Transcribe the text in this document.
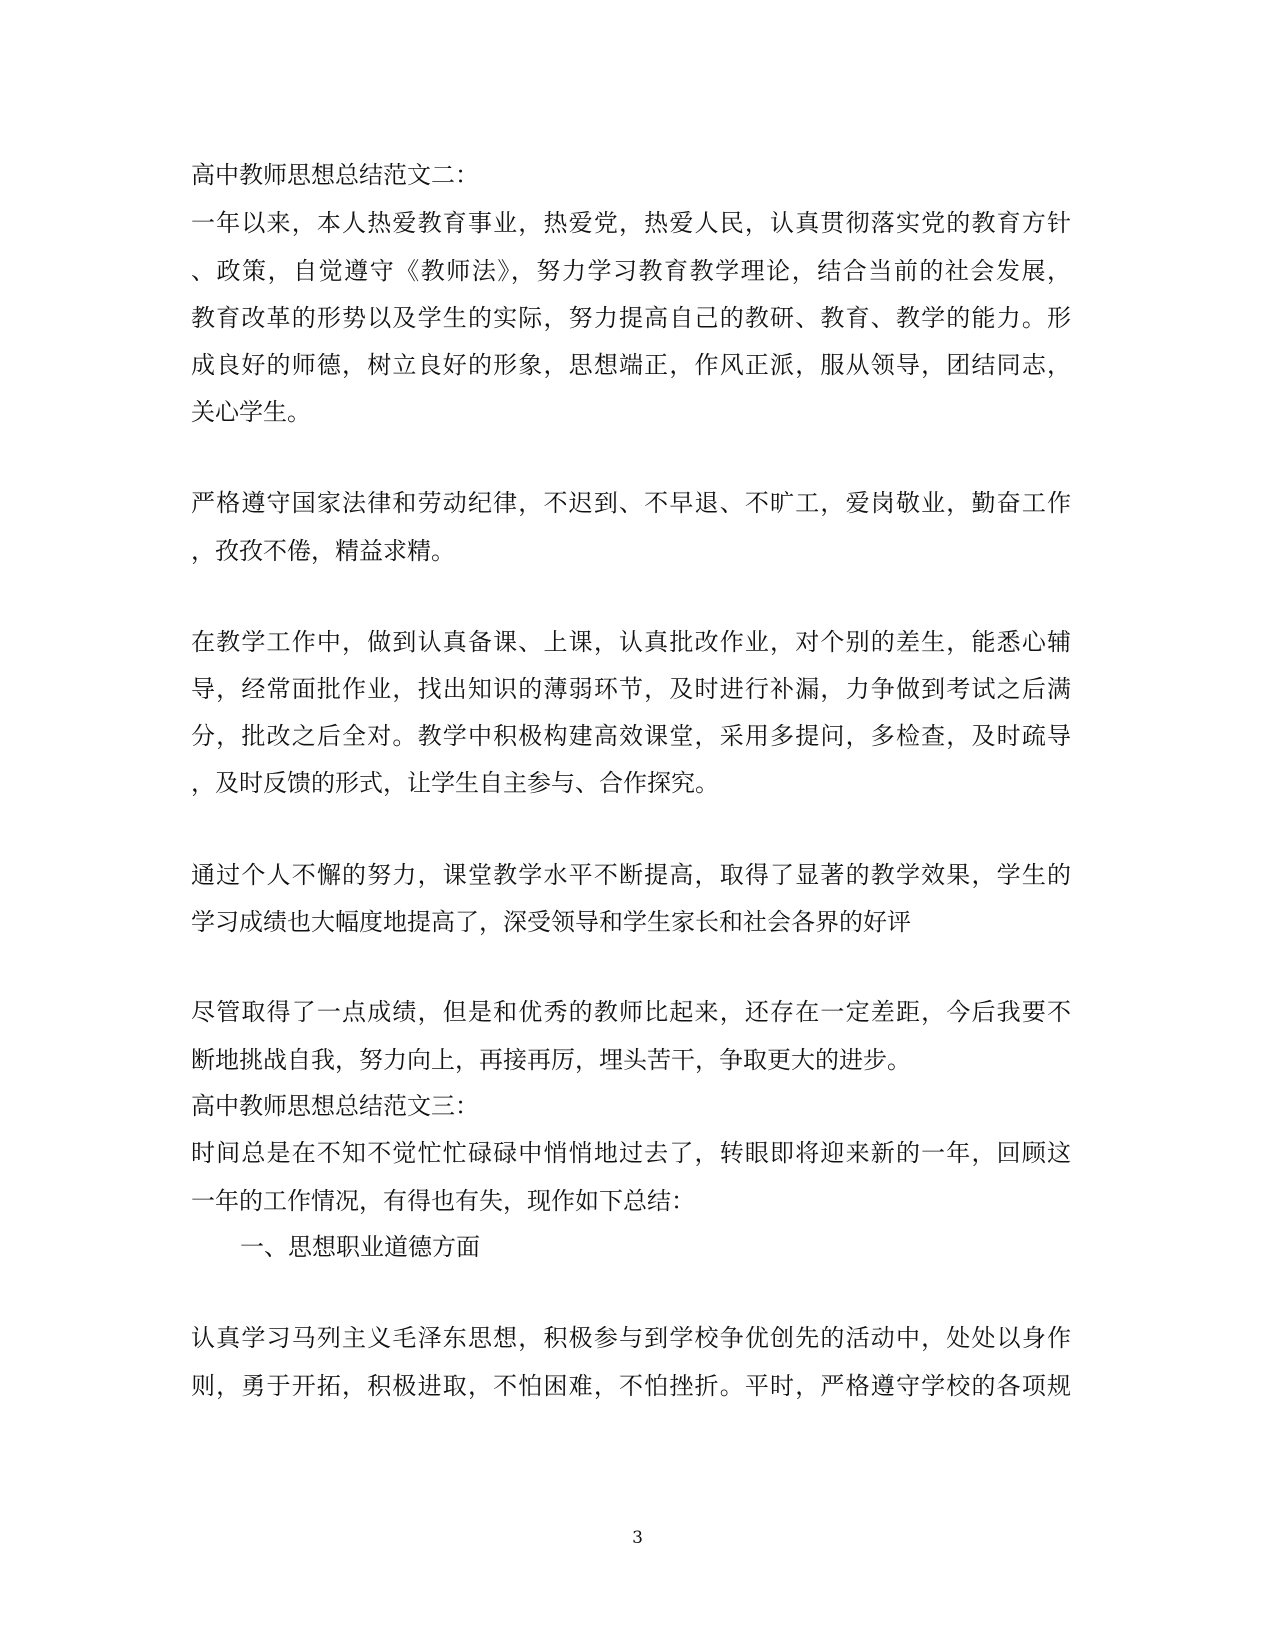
高中教师思想总结范文二：
一年以来，本人热爱教育事业，热爱党，热爱人民，认真贯彻落实党的教育方针
、政策，自觉遵守《教师法》，努力学习教育教学理论，结合当前的社会发展，
教育改革的形势以及学生的实际，努力提高自己的教研、教育、教学的能力。形
成良好的师德，树立良好的形象，思想端正，作风正派，服从领导，团结同志，
关心学生。
严格遵守国家法律和劳动纪律，不迟到、不早退、不旷工，爱岗敬业，勤奋工作
，孜孜不倦，精益求精。
在教学工作中，做到认真备课、上课，认真批改作业，对个别的差生，能悉心辅
导，经常面批作业，找出知识的薄弱环节，及时进行补漏，力争做到考试之后满
分，批改之后全对。教学中积极构建高效课堂，采用多提问，多检查，及时疏导
，及时反馈的形式，让学生自主参与、合作探究。
通过个人不懈的努力，课堂教学水平不断提高，取得了显著的教学效果，学生的
学习成绩也大幅度地提高了，深受领导和学生家长和社会各界的好评
尽管取得了一点成绩，但是和优秀的教师比起来，还存在一定差距，今后我要不
断地挑战自我，努力向上，再接再厉，埋头苦干，争取更大的进步。
高中教师思想总结范文三：
时间总是在不知不觉忙忙碌碌中悄悄地过去了，转眼即将迎来新的一年，回顾这
一年的工作情况，有得也有失，现作如下总结：
一、思想职业道德方面
认真学习马列主义毛泽东思想，积极参与到学校争优创先的活动中，处处以身作
则，勇于开拓，积极进取，不怕困难，不怕挫折。平时，严格遵守学校的各项规
3
